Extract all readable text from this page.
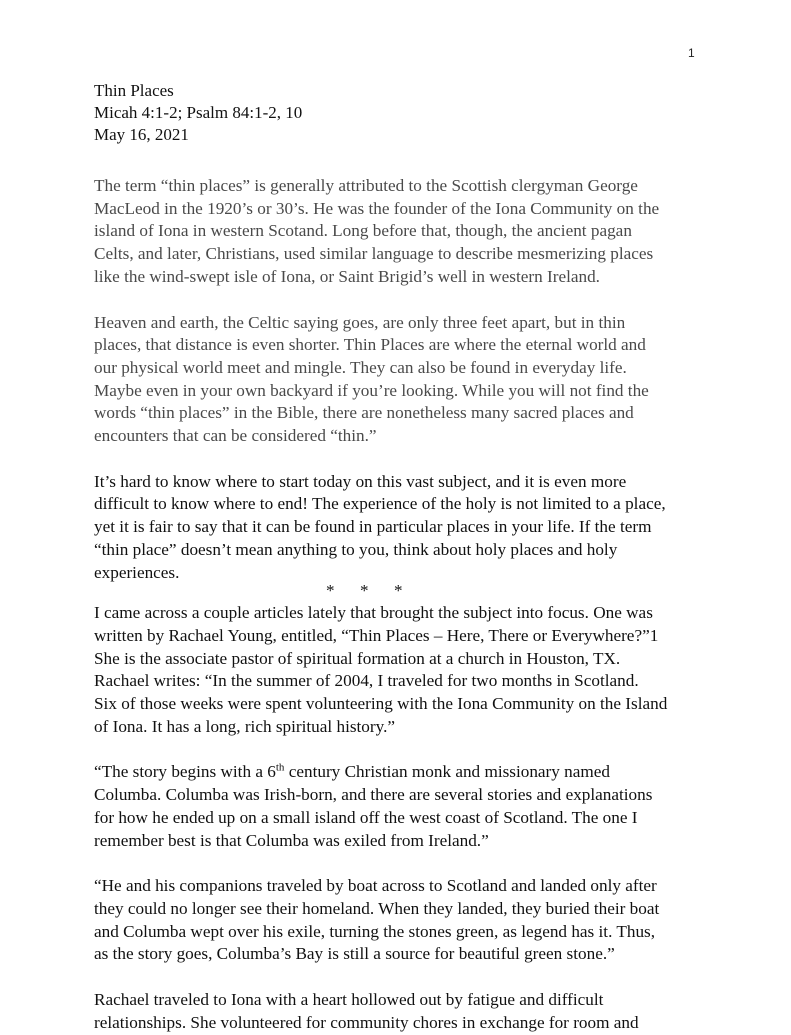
1

Thin Places

Micah 4:1-2; Psalm 84:1-2, 10

May 16, 2021

The term “thin places” is generally attributed to the Scottish clergyman George
MacLeod in the 1920’s or 30’s. He was the founder of the Iona Community on the
island of Iona in western Scotand. Long before that, though, the ancient pagan
Celts, and later, Christians, used similar language to describe mesmerizing places
like the wind-swept isle of Iona, or Saint Brigid’s well in western Ireland.
Heaven and earth, the Celtic saying goes, are only three feet apart, but in thin
places, that distance is even shorter. Thin Places are where the eternal world and
our physical world meet and mingle. They can also be found in everyday life.
Maybe even in your own backyard if you’re looking. While you will not find the
words “thin places” in the Bible, there are nonetheless many sacred places and
encounters that can be considered “thin.”
It’s hard to know where to start today on this vast subject, and it is even more
difficult to know where to end! The experience of the holy is not limited to a place,
yet it is fair to say that it can be found in particular places in your life. If the term
“thin place” doesn’t mean anything to you, think about holy places and holy
experiences.
* * *
I came across a couple articles lately that brought the subject into focus. One was
written by Rachael Young, entitled, “Thin Places – Here, There or Everywhere?”1
She is the associate pastor of spiritual formation at a church in Houston, TX.
Rachael writes: “In the summer of 2004, I traveled for two months in Scotland.
Six of those weeks were spent volunteering with the Iona Community on the Island
of Iona. It has a long, rich spiritual history.”
“The story begins with a 6th century Christian monk and missionary named
Columba. Columba was Irish-born, and there are several stories and explanations
for how he ended up on a small island off the west coast of Scotland. The one I
remember best is that Columba was exiled from Ireland.”
“He and his companions traveled by boat across to Scotland and landed only after
they could no longer see their homeland. When they landed, they buried their boat
and Columba wept over his exile, turning the stones green, as legend has it. Thus,
as the story goes, Columba’s Bay is still a source for beautiful green stone.”
Rachael traveled to Iona with a heart hollowed out by fatigue and difficult
relationships. She volunteered for community chores in exchange for room and
